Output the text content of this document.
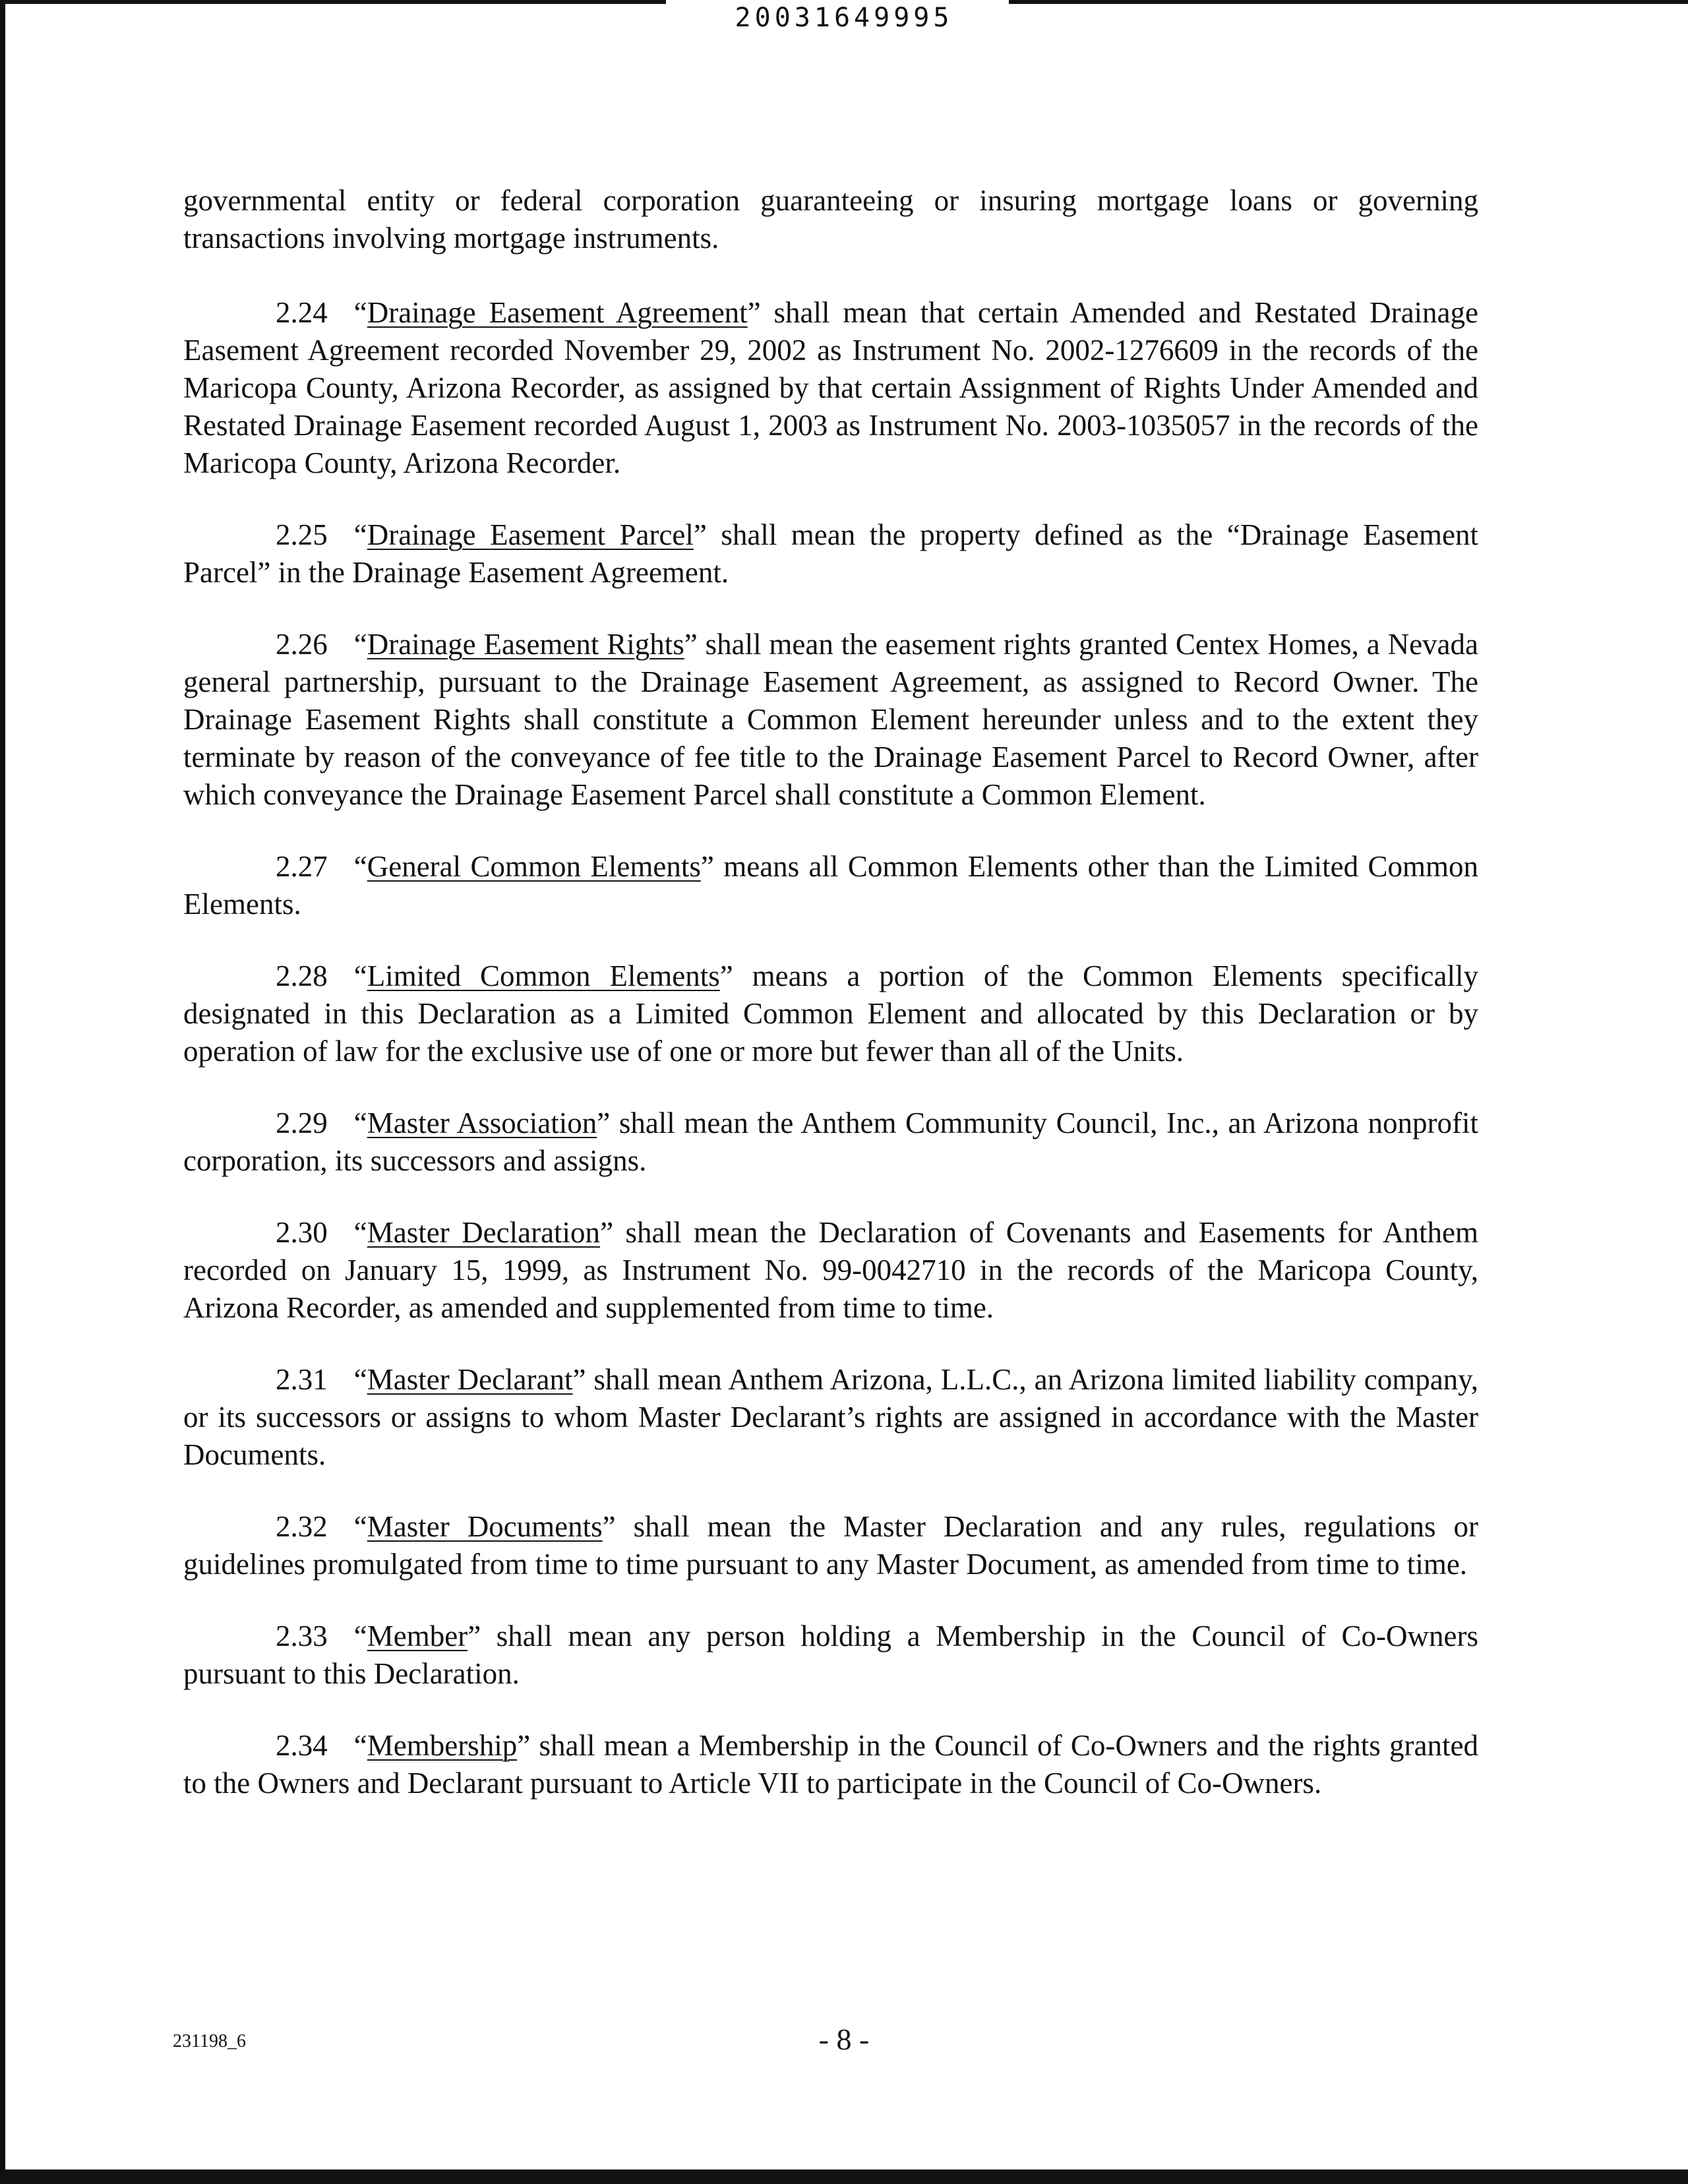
20031649995

governmental entity or federal corporation guaranteeing or insuring mortgage loans or governing transactions involving mortgage instruments.

2.24 “Drainage Easement Agreement” shall mean that certain Amended and Restated Drainage Easement Agreement recorded November 29, 2002 as Instrument No. 2002-1276609 in the records of the Maricopa County, Arizona Recorder, as assigned by that certain Assignment of Rights Under Amended and Restated Drainage Easement recorded August 1, 2003 as Instrument No. 2003-1035057 in the records of the Maricopa County, Arizona Recorder.

2.25 “Drainage Easement Parcel” shall mean the property defined as the “Drainage Easement Parcel” in the Drainage Easement Agreement.

2.26 “Drainage Easement Rights” shall mean the easement rights granted Centex Homes, a Nevada general partnership, pursuant to the Drainage Easement Agreement, as assigned to Record Owner. The Drainage Easement Rights shall constitute a Common Element hereunder unless and to the extent they terminate by reason of the conveyance of fee title to the Drainage Easement Parcel to Record Owner, after which conveyance the Drainage Easement Parcel shall constitute a Common Element.

2.27 “General Common Elements” means all Common Elements other than the Limited Common Elements.

2.28 “Limited Common Elements” means a portion of the Common Elements specifically designated in this Declaration as a Limited Common Element and allocated by this Declaration or by operation of law for the exclusive use of one or more but fewer than all of the Units.

2.29 “Master Association” shall mean the Anthem Community Council, Inc., an Arizona nonprofit corporation, its successors and assigns.

2.30 “Master Declaration” shall mean the Declaration of Covenants and Easements for Anthem recorded on January 15, 1999, as Instrument No. 99-0042710 in the records of the Maricopa County, Arizona Recorder, as amended and supplemented from time to time.

2.31 “Master Declarant” shall mean Anthem Arizona, L.L.C., an Arizona limited liability company, or its successors or assigns to whom Master Declarant’s rights are assigned in accordance with the Master Documents.

2.32 “Master Documents” shall mean the Master Declaration and any rules, regulations or guidelines promulgated from time to time pursuant to any Master Document, as amended from time to time.

2.33 “Member” shall mean any person holding a Membership in the Council of Co-Owners pursuant to this Declaration.

2.34 “Membership” shall mean a Membership in the Council of Co-Owners and the rights granted to the Owners and Declarant pursuant to Article VII to participate in the Council of Co-Owners.

231198_6	- 8 -
